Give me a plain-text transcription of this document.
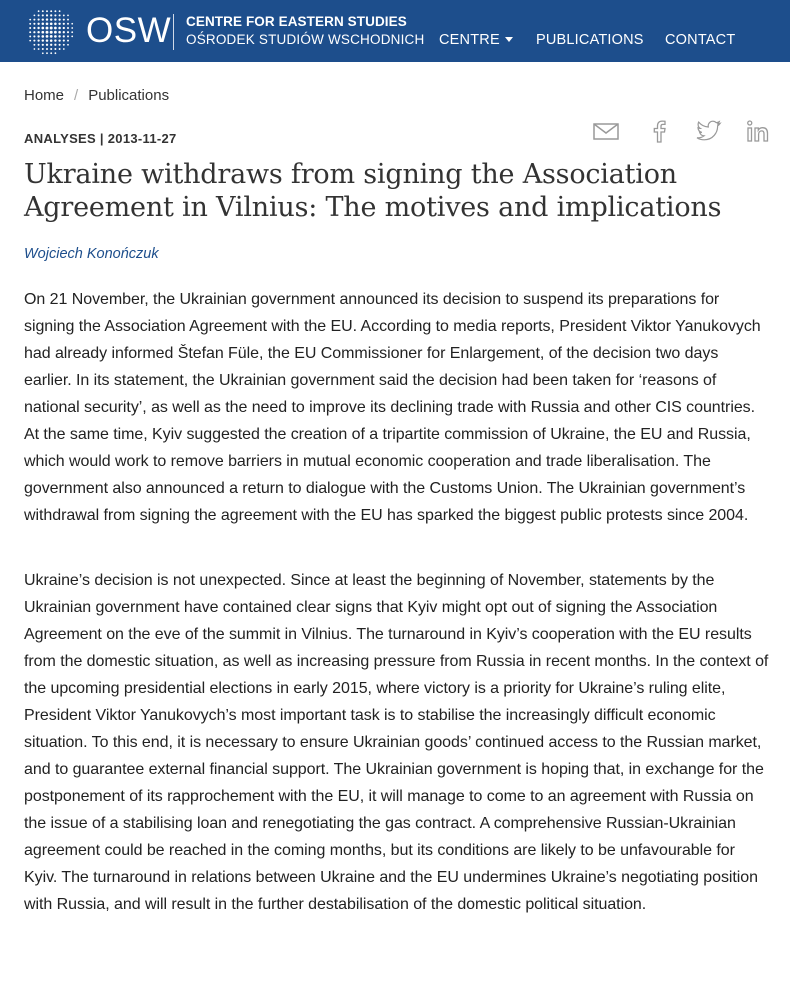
OSW CENTRE FOR EASTERN STUDIES
OŚRODEK STUDIÓW WSCHODNICH CENTRE	PUBLICATIONS CONTACT
Home / Publications
ANALYSES | 2013-11-27
Ukraine withdraws from signing the Association Agreement in Vilnius: The motives and implications
Wojciech Konończuk

On 21 November, the Ukrainian government announced its decision to suspend its preparations for signing the Association Agreement with the EU. According to media reports, President Viktor Yanukovych had already informed Štefan Füle, the EU Commissioner for Enlargement, of the decision two days earlier. In its statement, the Ukrainian government said the decision had been taken for ‘reasons of national security’, as well as the need to improve its declining trade with Russia and other CIS countries. At the same time, Kyiv suggested the creation of a tripartite commission of Ukraine, the EU and Russia, which would work to remove barriers in mutual economic cooperation and trade liberalisation. The government also announced a return to dialogue with the Customs Union. The Ukrainian government’s withdrawal from signing the agreement with the EU has sparked the biggest public protests since 2004.

Ukraine’s decision is not unexpected. Since at least the beginning of November, statements by the Ukrainian government have contained clear signs that Kyiv might opt out of signing the Association Agreement on the eve of the summit in Vilnius. The turnaround in Kyiv’s cooperation with the EU results from the domestic situation, as well as increasing pressure from Russia in recent months. In the context of the upcoming presidential elections in early 2015, where victory is a priority for Ukraine’s ruling elite, President Viktor Yanukovych’s most important task is to stabilise the increasingly difficult economic situation. To this end, it is necessary to ensure Ukrainian goods’ continued access to the Russian market, and to guarantee external financial support. The Ukrainian government is hoping that, in exchange for the postponement of its rapprochement with the EU, it will manage to come to an agreement with Russia on the issue of a stabilising loan and renegotiating the gas contract. A comprehensive Russian-Ukrainian agreement could be reached in the coming months, but its conditions are likely to be unfavourable for Kyiv. The turnaround in relations between Ukraine and the EU undermines Ukraine’s negotiating position with Russia, and will result in the further destabilisation of the domestic political situation.
